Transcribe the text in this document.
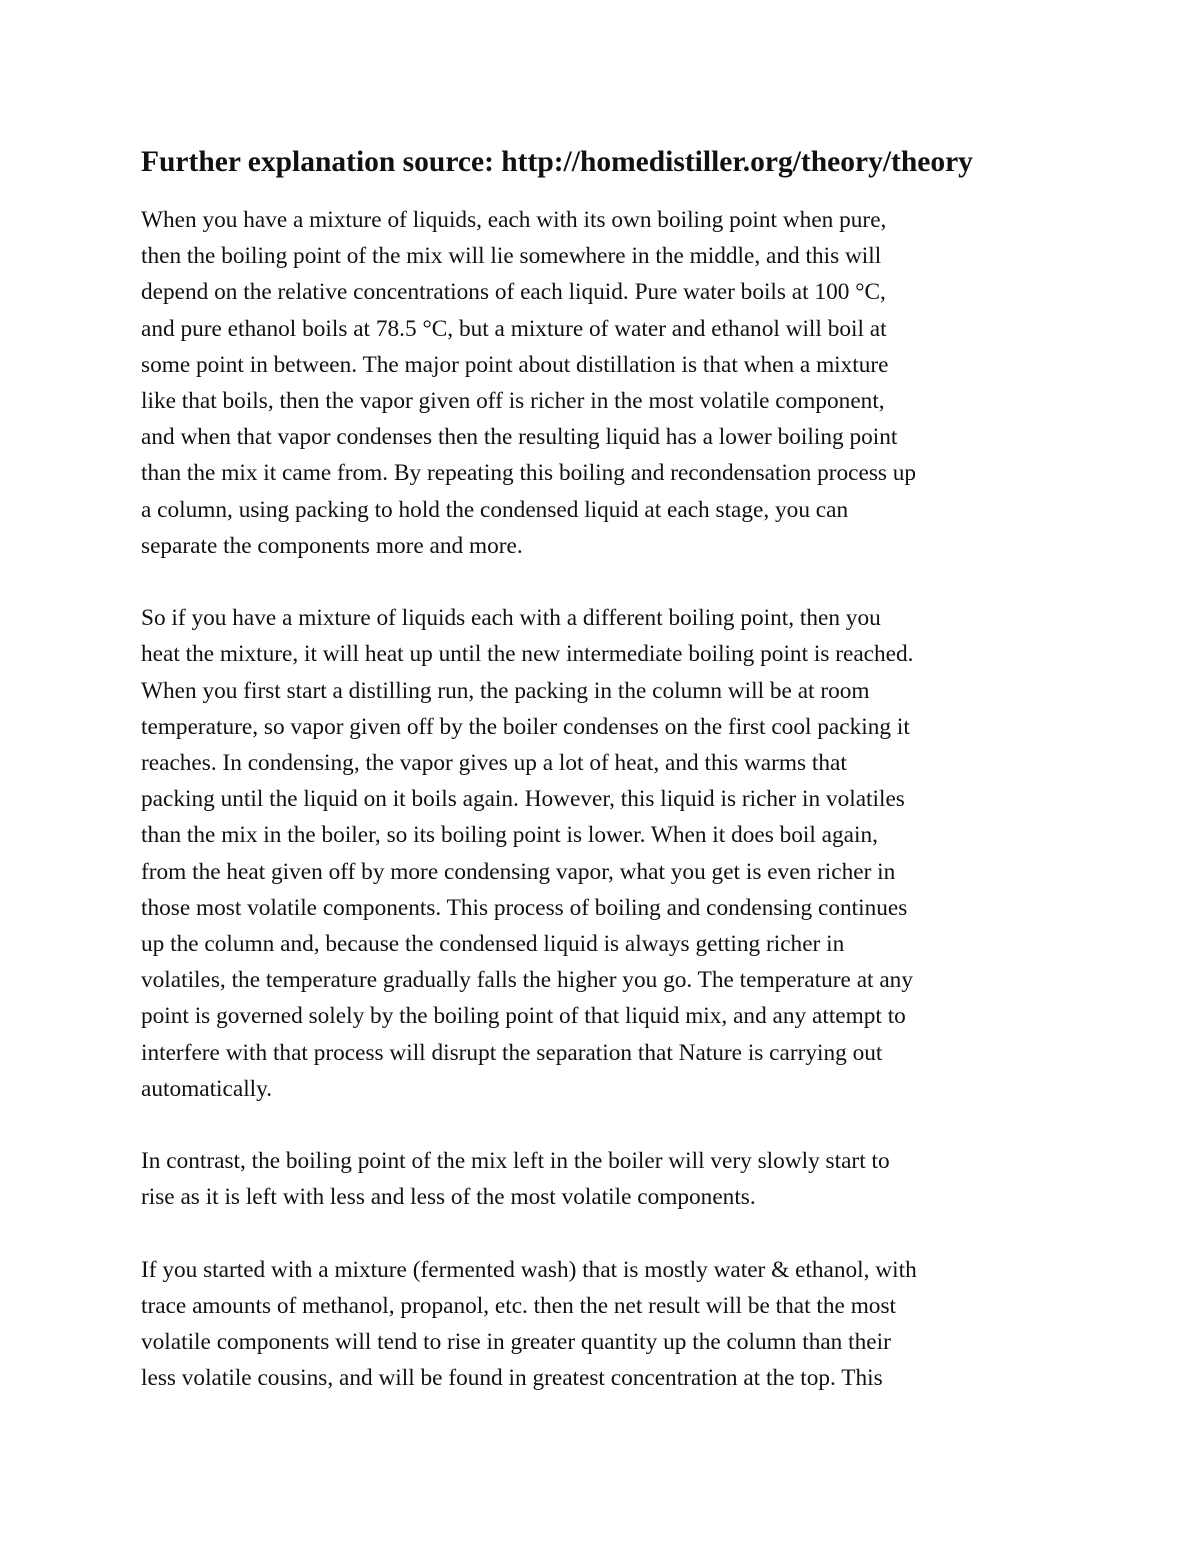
Further explanation source: http://homedistiller.org/theory/theory

When you have a mixture of liquids, each with its own boiling point when pure,
then the boiling point of the mix will lie somewhere in the middle, and this will
depend on the relative concentrations of each liquid. Pure water boils at 100 °C,
and pure ethanol boils at 78.5 °C, but a mixture of water and ethanol will boil at
some point in between. The major point about distillation is that when a mixture
like that boils, then the vapor given off is richer in the most volatile component,
and when that vapor condenses then the resulting liquid has a lower boiling point
than the mix it came from. By repeating this boiling and recondensation process up
a column, using packing to hold the condensed liquid at each stage, you can
separate the components more and more.

So if you have a mixture of liquids each with a different boiling point, then you
heat the mixture, it will heat up until the new intermediate boiling point is reached.
When you first start a distilling run, the packing in the column will be at room
temperature, so vapor given off by the boiler condenses on the first cool packing it
reaches. In condensing, the vapor gives up a lot of heat, and this warms that
packing until the liquid on it boils again. However, this liquid is richer in volatiles
than the mix in the boiler, so its boiling point is lower. When it does boil again,
from the heat given off by more condensing vapor, what you get is even richer in
those most volatile components. This process of boiling and condensing continues
up the column and, because the condensed liquid is always getting richer in
volatiles, the temperature gradually falls the higher you go. The temperature at any
point is governed solely by the boiling point of that liquid mix, and any attempt to
interfere with that process will disrupt the separation that Nature is carrying out
automatically.

In contrast, the boiling point of the mix left in the boiler will very slowly start to
rise as it is left with less and less of the most volatile components.

If you started with a mixture (fermented wash) that is mostly water & ethanol, with
trace amounts of methanol, propanol, etc. then the net result will be that the most
volatile components will tend to rise in greater quantity up the column than their
less volatile cousins, and will be found in greatest concentration at the top. This
